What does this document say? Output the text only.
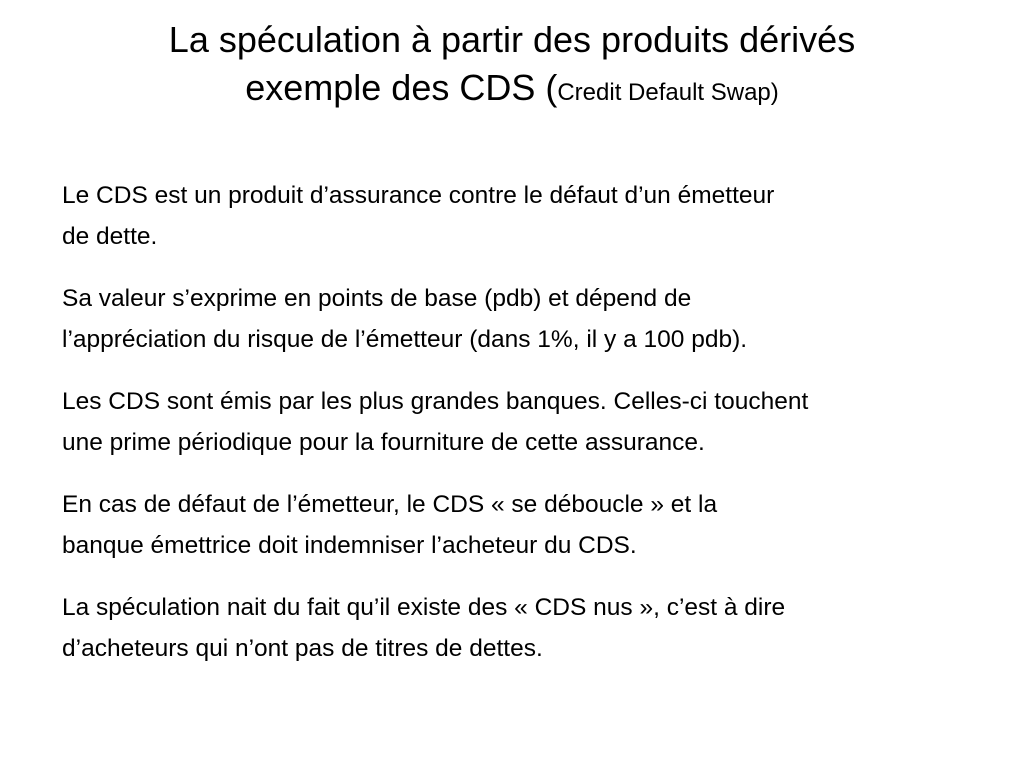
La spéculation à partir des produits dérivés
exemple des CDS (Credit Default Swap)

Le CDS est un produit d’assurance contre le défaut d’un émetteur
de dette.

Sa valeur s’exprime en points de base (pdb) et dépend de
l’appréciation du risque de l’émetteur (dans 1%, il y a 100 pdb).

Les CDS sont émis par les plus grandes banques. Celles-ci touchent
une prime périodique pour la fourniture de cette assurance.

En cas de défaut de l’émetteur, le CDS « se déboucle » et la
banque émettrice doit indemniser l’acheteur du CDS.

La spéculation nait du fait qu’il existe des « CDS nus », c’est à dire
d’acheteurs qui n’ont pas de titres de dettes.
